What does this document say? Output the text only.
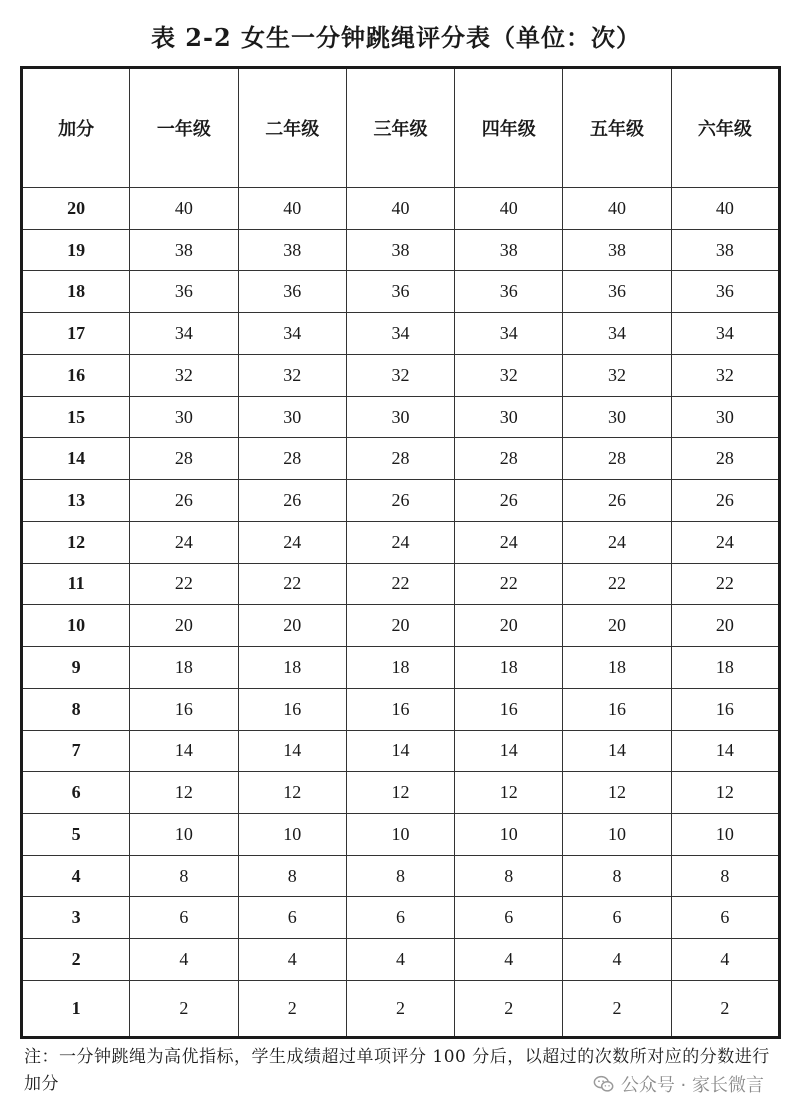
表 2-2 女生一分钟跳绳评分表（单位：次）
加分	一年级	二年级	三年级	四年级	五年级	六年级
20	40	40	40	40	40	40
19	38	38	38	38	38	38
18	36	36	36	36	36	36
17	34	34	34	34	34	34
16	32	32	32	32	32	32
15	30	30	30	30	30	30
14	28	28	28	28	28	28
13	26	26	26	26	26	26
12	24	24	24	24	24	24
11	22	22	22	22	22	22
10	20	20	20	20	20	20
9	18	18	18	18	18	18
8	16	16	16	16	16	16
7	14	14	14	14	14	14
6	12	12	12	12	12	12
5	10	10	10	10	10	10
4	8	8	8	8	8	8
3	6	6	6	6	6	6
2	4	4	4	4	4	4
1	2	2	2	2	2	2
注：一分钟跳绳为高优指标，学生成绩超过单项评分 100 分后，以超过的次数所对应的分数进行加分	公众号 · 家长微言
